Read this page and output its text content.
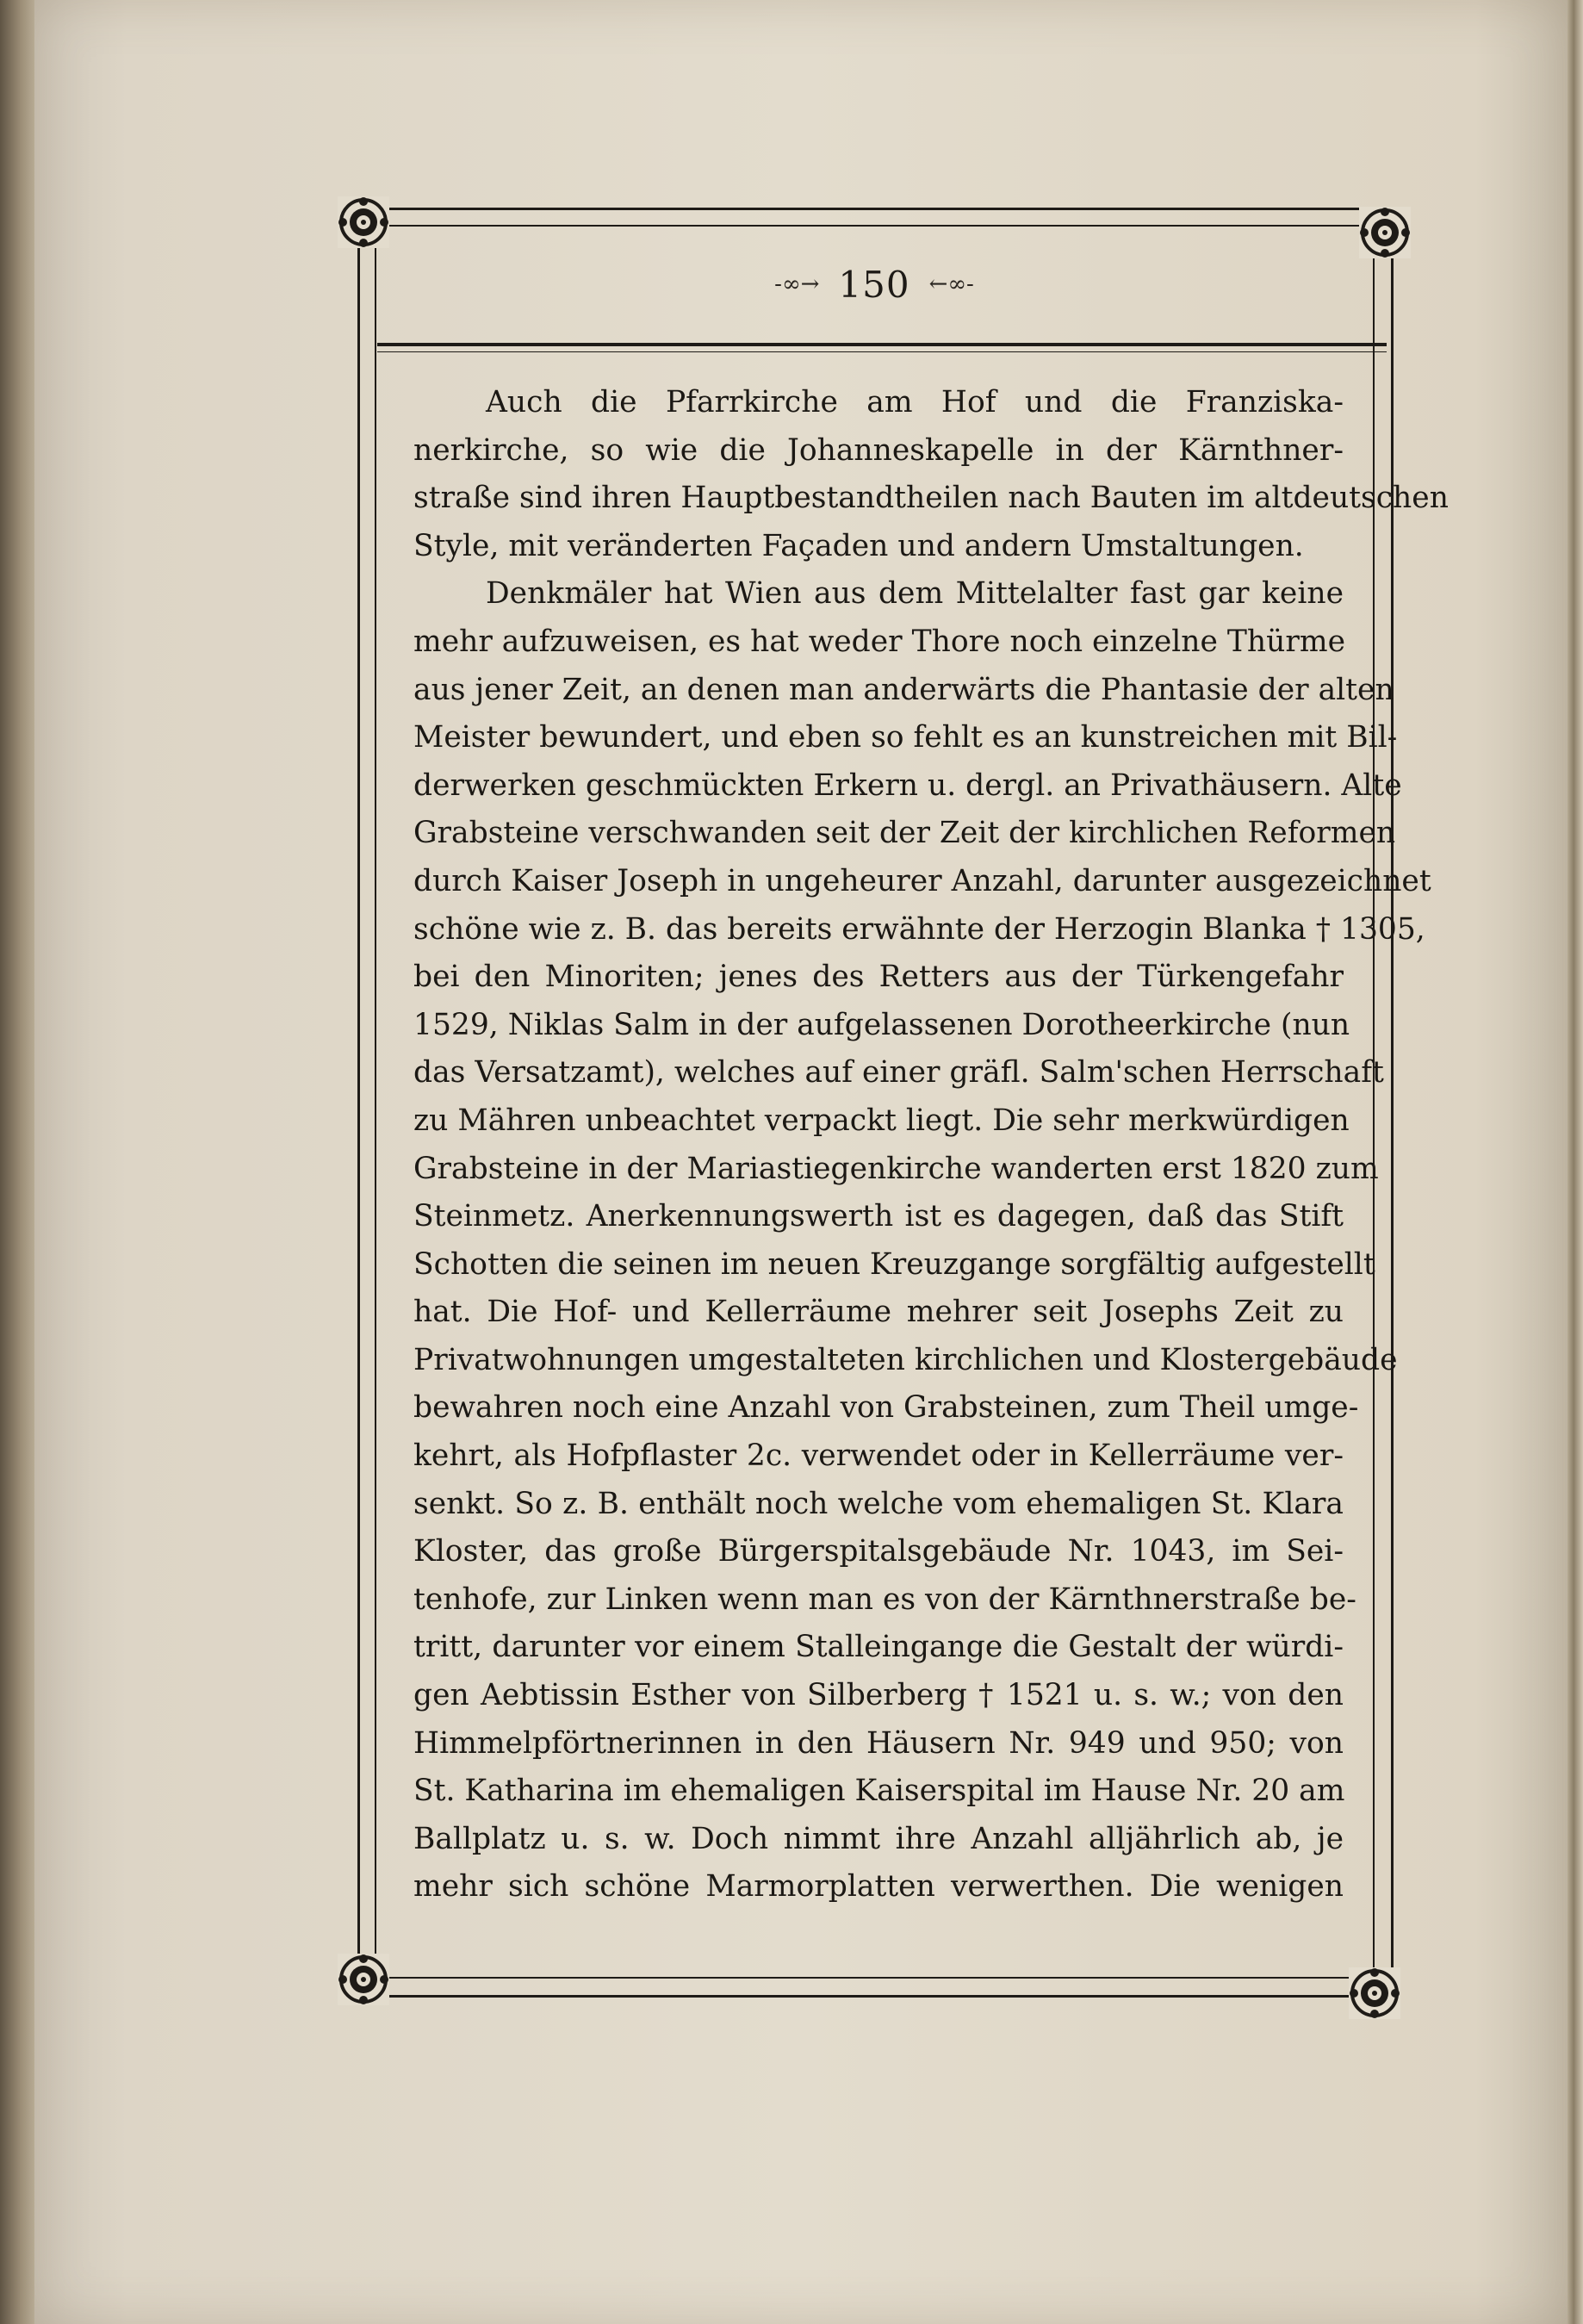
-∞→ 150 ←∞-
Auch die Pfarrkirche am Hof und die Franziska-
nerkirche, so wie die Johanneskapelle in der Kärnthner-
straße sind ihren Hauptbestandtheilen nach Bauten im altdeutschen
Style, mit veränderten Façaden und andern Umstaltungen.
Denkmäler hat Wien aus dem Mittelalter fast gar keine
mehr aufzuweisen, es hat weder Thore noch einzelne Thürme
aus jener Zeit, an denen man anderwärts die Phantasie der alten
Meister bewundert, und eben so fehlt es an kunstreichen mit Bil-
derwerken geschmückten Erkern u. dergl. an Privathäusern. Alte
Grabsteine verschwanden seit der Zeit der kirchlichen Reformen
durch Kaiser Joseph in ungeheurer Anzahl, darunter ausgezeichnet
schöne wie z. B. das bereits erwähnte der Herzogin Blanka † 1305,
bei den Minoriten; jenes des Retters aus der Türkengefahr
1529, Niklas Salm in der aufgelassenen Dorotheerkirche (nun
das Versatzamt), welches auf einer gräfl. Salm'schen Herrschaft
zu Mähren unbeachtet verpackt liegt. Die sehr merkwürdigen
Grabsteine in der Mariastiegenkirche wanderten erst 1820 zum
Steinmetz. Anerkennungswerth ist es dagegen, daß das Stift
Schotten die seinen im neuen Kreuzgange sorgfältig aufgestellt
hat. Die Hof- und Kellerräume mehrer seit Josephs Zeit zu
Privatwohnungen umgestalteten kirchlichen und Klostergebäude
bewahren noch eine Anzahl von Grabsteinen, zum Theil umge-
kehrt, als Hofpflaster 2c. verwendet oder in Kellerräume ver-
senkt. So z. B. enthält noch welche vom ehemaligen St. Klara
Kloster, das große Bürgerspitalsgebäude Nr. 1043, im Sei-
tenhofe, zur Linken wenn man es von der Kärnthnerstraße be-
tritt, darunter vor einem Stalleingange die Gestalt der würdi-
gen Aebtissin Esther von Silberberg † 1521 u. s. w.; von den
Himmelpförtnerinnen in den Häusern Nr. 949 und 950; von
St. Katharina im ehemaligen Kaiserspital im Hause Nr. 20 am
Ballplatz u. s. w. Doch nimmt ihre Anzahl alljährlich ab, je
mehr sich schöne Marmorplatten verwerthen. Die wenigen
